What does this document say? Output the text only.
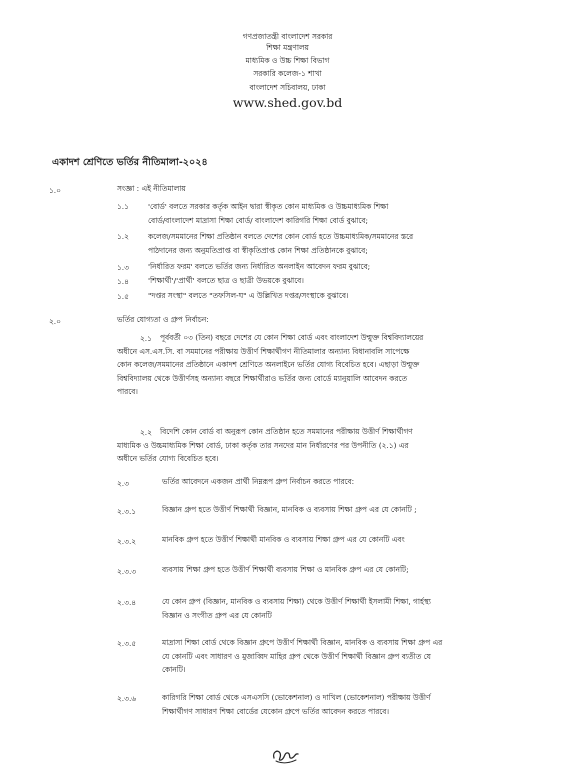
গণপ্রজাতন্ত্রী বাংলাদেশ সরকার
শিক্ষা মন্ত্রণালয়
মাধ্যমিক ও উচ্চ শিক্ষা বিভাগ
সরকারি কলেজ-১ শাখা
বাংলাদেশ সচিবালয়, ঢাকা
www.shed.gov.bd
একাদশ শ্রেণিতে ভর্তির নীতিমালা-২০২৪
১.০	সংজ্ঞা : এই নীতিমালায়
১.১	'বোর্ড' বলতে সরকার কর্তৃক আইন দ্বারা স্বীকৃত কোন মাধ্যমিক ও উচ্চমাধ্যমিক শিক্ষা
বোর্ড/বাংলাদেশ মাদ্রাসা শিক্ষা বোর্ড/ বাংলাদেশ কারিগরি শিক্ষা বোর্ড বুঝাবে;
১.২	কলেজ/সমমানের শিক্ষা প্রতিষ্ঠান বলতে দেশের কোন বোর্ড হতে উচ্চমাধ্যমিক/সমমানের স্তরে
পাঠদানের জন্য অনুমতিপ্রাপ্ত বা স্বীকৃতিপ্রাপ্ত কোন শিক্ষা প্রতিষ্ঠানকে বুঝাবে;
১.৩	'নির্ধারিত ফরম' বলতে ভর্তির জন্য নির্ধারিত অনলাইন আবেদন ফরম বুঝাবে;
১.৪	'শিক্ষার্থী'/'প্রার্থী' বলতে ছাত্র ও ছাত্রী উভয়কে বুঝাবে।
১.৫	"দপ্তর সংস্থা" বলতে "তফসিল-ঘ" এ উল্লিখিত দপ্তর/সংস্থাকে বুঝাবে।
২.০	ভর্তির যোগ্যতা ও গ্রুপ নির্বাচন:
২.১	পূর্ববর্তী ০৩ (তিন) বছরে দেশের যে কোন শিক্ষা বোর্ড এবং বাংলাদেশ উন্মুক্ত বিশ্ববিদ্যালয়ের
অধীনে এস.এস.সি. বা সমমানের পরীক্ষায় উত্তীর্ণ শিক্ষার্থীগণ নীতিমালার অন্যান্য বিধানাবলি সাপেক্ষে
কোন কলেজ/সমমানের প্রতিষ্ঠানে একাদশ শ্রেণিতে অনলাইনে ভর্তির যোগ্য বিবেচিত হবে। এছাড়া উন্মুক্ত
বিশ্ববিদ্যালয় থেকে উত্তীর্ণসহ অন্যান্য বছরে শিক্ষার্থীরাও ভর্তির জন্য বোর্ডে ম্যানুয়ালি আবেদন করতে
পারবে।
২.২	বিদেশি কোন বোর্ড বা অনুরূপ কোন প্রতিষ্ঠান হতে সমমানের পরীক্ষায় উত্তীর্ণ শিক্ষার্থীগণ
মাধ্যমিক ও উচ্চমাধ্যমিক শিক্ষা বোর্ড, ঢাকা কর্তৃক তার সনদের মান নির্ধারণের পর উপনীতি (২.১) এর
অধীনে ভর্তির যোগ্য বিবেচিত হবে।
২.৩	ভর্তির আবেদনে একজন প্রার্থী নিম্নরূপ গ্রুপ নির্বাচন করতে পারবে:
২.৩.১	বিজ্ঞান গ্রুপ হতে উত্তীর্ণ শিক্ষার্থী বিজ্ঞান, মানবিক ও ব্যবসায় শিক্ষা গ্রুপ এর যে কোনটি ;
২.৩.২	মানবিক গ্রুপ হতে উত্তীর্ণ শিক্ষার্থী মানবিক ও ব্যবসায় শিক্ষা গ্রুপ এর যে কোনটি এবং
২.৩.৩	ব্যবসায় শিক্ষা গ্রুপ হতে উত্তীর্ণ শিক্ষার্থী ব্যবসায় শিক্ষা ও মানবিক গ্রুপ এর যে কোনটি;
২.৩.৪	যে কোন গ্রুপ (বিজ্ঞান, মানবিক ও ব্যবসায় শিক্ষা) থেকে উত্তীর্ণ শিক্ষার্থী ইসলামী শিক্ষা, গার্হস্থ্য
বিজ্ঞান ও সংগীত গ্রুপ এর যে কোনটি
২.৩.৫	মাদ্রাসা শিক্ষা বোর্ড থেকে বিজ্ঞান গ্রুপে উত্তীর্ণ শিক্ষার্থী বিজ্ঞান, মানবিক ও ব্যবসায় শিক্ষা গ্রুপ এর
যে কোনটি এবং সাধারণ ও মুজাব্বিদ মাহির গ্রুপ থেকে উত্তীর্ণ শিক্ষার্থী বিজ্ঞান গ্রুপ ব্যতীত যে
কোনটি।
২.৩.৬	কারিগরি শিক্ষা বোর্ড থেকে এসএসসি (ভোকেশনাল) ও দাখিল (ভোকেশনাল) পরীক্ষায় উত্তীর্ণ
শিক্ষার্থীগণ সাধারণ শিক্ষা বোর্ডের যেকোন গ্রুপে ভর্তির আবেদন করতে পারবে।
